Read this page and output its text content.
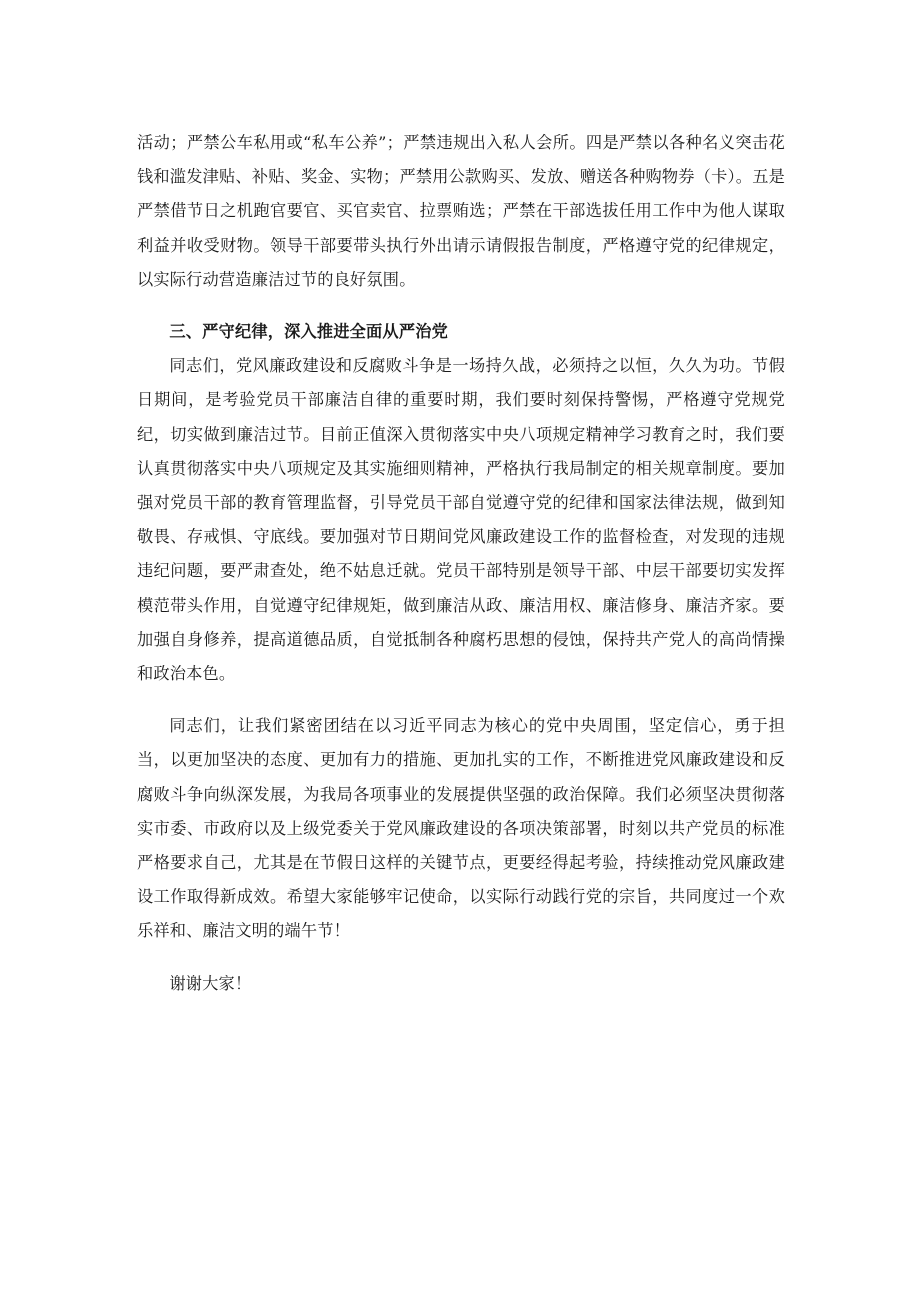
活动；严禁公车私用或“私车公养”；严禁违规出入私人会所。四是严禁以各种名义突击花钱和滥发津贴、补贴、奖金、实物；严禁用公款购买、发放、赠送各种购物券（卡）。五是严禁借节日之机跑官要官、买官卖官、拉票贿选；严禁在干部选拔任用工作中为他人谋取利益并收受财物。领导干部要带头执行外出请示请假报告制度，严格遵守党的纪律规定，以实际行动营造廉洁过节的良好氛围。

三、严守纪律，深入推进全面从严治党

同志们，党风廉政建设和反腐败斗争是一场持久战，必须持之以恒，久久为功。节假日期间，是考验党员干部廉洁自律的重要时期，我们要时刻保持警惕，严格遵守党规党纪，切实做到廉洁过节。目前正值深入贯彻落实中央八项规定精神学习教育之时，我们要认真贯彻落实中央八项规定及其实施细则精神，严格执行我局制定的相关规章制度。要加强对党员干部的教育管理监督，引导党员干部自觉遵守党的纪律和国家法律法规，做到知敬畏、存戒惧、守底线。要加强对节日期间党风廉政建设工作的监督检查，对发现的违规违纪问题，要严肃查处，绝不姑息迁就。党员干部特别是领导干部、中层干部要切实发挥模范带头作用，自觉遵守纪律规矩，做到廉洁从政、廉洁用权、廉洁修身、廉洁齐家。要加强自身修养，提高道德品质，自觉抵制各种腐朽思想的侵蚀，保持共产党人的高尚情操和政治本色。

同志们，让我们紧密团结在以习近平同志为核心的党中央周围，坚定信心，勇于担当，以更加坚决的态度、更加有力的措施、更加扎实的工作，不断推进党风廉政建设和反腐败斗争向纵深发展，为我局各项事业的发展提供坚强的政治保障。我们必须坚决贯彻落实市委、市政府以及上级党委关于党风廉政建设的各项决策部署，时刻以共产党员的标准严格要求自己，尤其是在节假日这样的关键节点，更要经得起考验，持续推动党风廉政建设工作取得新成效。希望大家能够牢记使命，以实际行动践行党的宗旨，共同度过一个欢乐祥和、廉洁文明的端午节！

谢谢大家！
